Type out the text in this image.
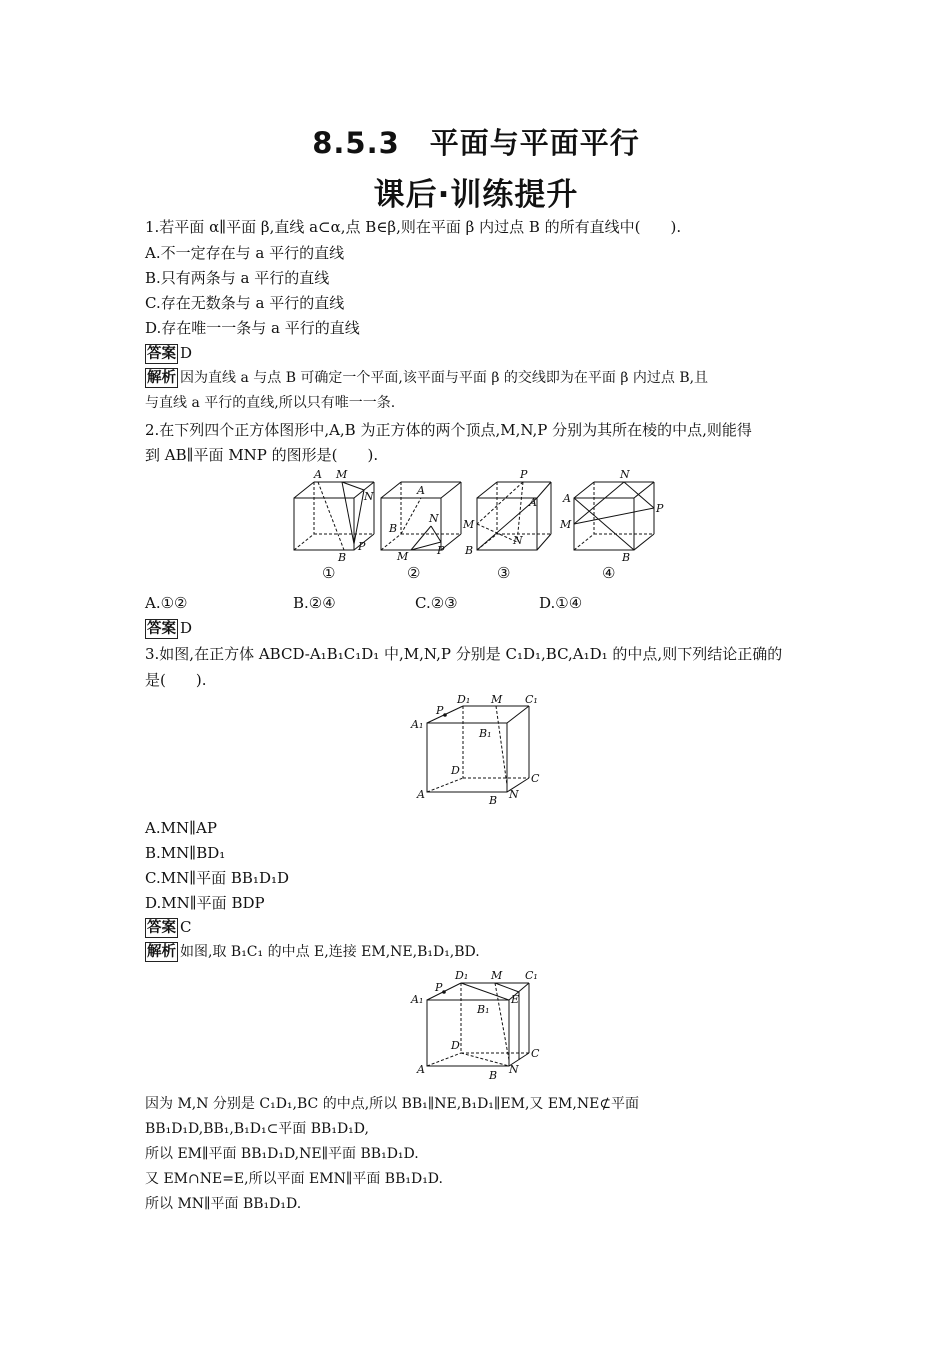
8.5.3　平面与平面平行
课后·训练提升
1.若平面 α∥平面 β,直线 a⊂α,点 B∈β,则在平面 β 内过点 B 的所有直线中(　　).
A.不一定存在与 a 平行的直线
B.只有两条与 a 平行的直线
C.存在无数条与 a 平行的直线
D.存在唯一一条与 a 平行的直线
答案 D
解析 因为直线 a 与点 B 可确定一个平面,该平面与平面 β 的交线即为在平面 β 内过点 B,且
与直线 a 平行的直线,所以只有唯一一条.
2.在下列四个正方体图形中,A,B 为正方体的两个顶点,M,N,P 分别为其所在棱的中点,则能得
到 AB∥平面 MNP 的图形是(　　).
A M
N
P
B
①
A
B
N
M	P
②
P
A
M
N
B
③
N
A
P
M
B
④
A.①②	B.②④	C.②③	D.①④
答案 D
3.如图,在正方体 ABCD-A₁B₁C₁D₁ 中,M,N,P 分别是 C₁D₁,BC,A₁D₁ 的中点,则下列结论正确的
是(　　).
D₁ M C₁
P
A₁
B₁
D
C
A	B N
A.MN∥AP
B.MN∥BD₁
C.MN∥平面 BB₁D₁D
D.MN∥平面 BDP
答案 C
解析 如图,取 B₁C₁ 的中点 E,连接 EM,NE,B₁D₁,BD.
D₁ M C₁
P
A₁
B₁
E
D
C
A	B N
因为 M,N 分别是 C₁D₁,BC 的中点,所以 BB₁∥NE,B₁D₁∥EM,又 EM,NE⊄平面
BB₁D₁D,BB₁,B₁D₁⊂平面 BB₁D₁D,
所以 EM∥平面 BB₁D₁D,NE∥平面 BB₁D₁D.
又 EM∩NE=E,所以平面 EMN∥平面 BB₁D₁D.
所以 MN∥平面 BB₁D₁D.
